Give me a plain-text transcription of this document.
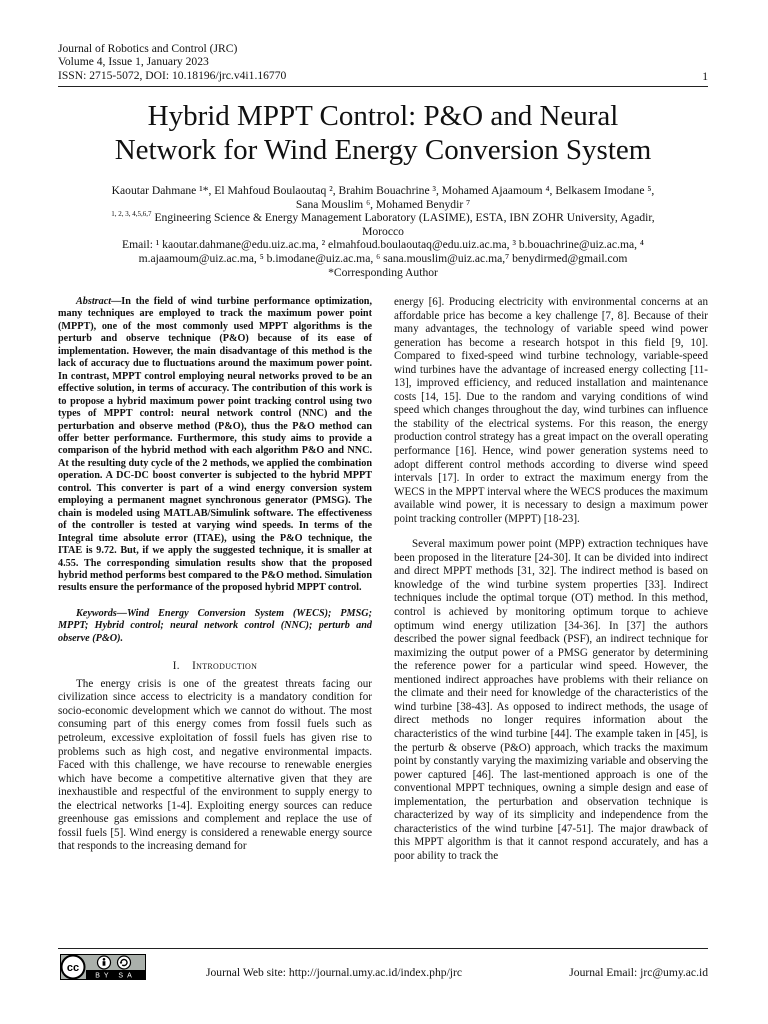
Journal of Robotics and Control (JRC)
Volume 4, Issue 1, January 2023
ISSN: 2715-5072, DOI: 10.18196/jrc.v4i1.16770	1
Hybrid MPPT Control: P&O and Neural
Network for Wind Energy Conversion System
Kaoutar Dahmane ¹*, El Mahfoud Boulaoutaq ², Brahim Bouachrine ³, Mohamed Ajaamoum ⁴, Belkasem Imodane ⁵,
Sana Mouslim ⁶, Mohamed Benydir ⁷
$^{1, 2, 3, 4,5,6,7}$ Engineering Science & Energy Management Laboratory (LASIME), ESTA, IBN ZOHR University, Agadir,
Morocco
Email: ¹ kaoutar.dahmane@edu.uiz.ac.ma, ² elmahfoud.boulaoutaq@edu.uiz.ac.ma, ³ b.bouachrine@uiz.ac.ma, ⁴
m.ajaamoum@uiz.ac.ma, ⁵ b.imodane@uiz.ac.ma, ⁶ sana.mouslim@uiz.ac.ma,⁷ benydirmed@gmail.com
*Corresponding Author

Abstract—In the field of wind turbine performance optimization, many techniques are employed to track the maximum power point (MPPT), one of the most commonly used MPPT algorithms is the perturb and observe technique (P&O) because of its ease of implementation. However, the main disadvantage of this method is the lack of accuracy due to fluctuations around the maximum power point. In contrast, MPPT control employing neural networks proved to be an effective solution, in terms of accuracy. The contribution of this work is to propose a hybrid maximum power point tracking control using two types of MPPT control: neural network control (NNC) and the perturbation and observe method (P&O), thus the P&O method can offer better performance. Furthermore, this study aims to provide a comparison of the hybrid method with each algorithm P&O and NNC. At the resulting duty cycle of the 2 methods, we applied the combination operation. A DC-DC boost converter is subjected to the hybrid MPPT control. This converter is part of a wind energy conversion system employing a permanent magnet synchronous generator (PMSG). The chain is modeled using MATLAB/Simulink software. The effectiveness of the controller is tested at varying wind speeds. In terms of the Integral time absolute error (ITAE), using the P&O technique, the ITAE is 9.72. But, if we apply the suggested technique, it is smaller at 4.55. The corresponding simulation results show that the proposed hybrid method performs best compared to the P&O method. Simulation results ensure the performance of the proposed hybrid MPPT control.

Keywords—Wind Energy Conversion System (WECS); PMSG; MPPT; Hybrid control; neural network control (NNC); perturb and observe (P&O).

I. Introduction

The energy crisis is one of the greatest threats facing our civilization since access to electricity is a mandatory condition for socio-economic development which we cannot do without. The most consuming part of this energy comes from fossil fuels such as petroleum, excessive exploitation of fossil fuels has given rise to problems such as high cost, and negative environmental impacts. Faced with this challenge, we have recourse to renewable energies which have become a competitive alternative given that they are inexhaustible and respectful of the environment to supply energy to the electrical networks [1-4]. Exploiting energy sources can reduce greenhouse gas emissions and complement and replace the use of fossil fuels [5]. Wind energy is considered a renewable energy source that responds to the increasing demand for

energy [6]. Producing electricity with environmental concerns at an affordable price has become a key challenge [7, 8]. Because of their many advantages, the technology of variable speed wind power generation has become a research hotspot in this field [9, 10]. Compared to fixed-speed wind turbine technology, variable-speed wind turbines have the advantage of increased energy collecting [11-13], improved efficiency, and reduced installation and maintenance costs [14, 15]. Due to the random and varying conditions of wind speed which changes throughout the day, wind turbines can influence the stability of the electrical systems. For this reason, the energy production control strategy has a great impact on the overall operating performance [16]. Hence, wind power generation systems need to adopt different control methods according to diverse wind speed intervals [17]. In order to extract the maximum energy from the WECS in the MPPT interval where the WECS produces the maximum available wind power, it is necessary to design a maximum power point tracking controller (MPPT) [18-23].

Several maximum power point (MPP) extraction techniques have been proposed in the literature [24-30]. It can be divided into indirect and direct MPPT methods [31, 32]. The indirect method is based on knowledge of the wind turbine system properties [33]. Indirect techniques include the optimal torque (OT) method. In this method, control is achieved by monitoring optimum torque to achieve optimum wind energy utilization [34-36]. In [37] the authors described the power signal feedback (PSF), an indirect technique for maximizing the output power of a PMSG generator by determining the reference power for a particular wind speed. However, the mentioned indirect approaches have problems with their reliance on the climate and their need for knowledge of the characteristics of the wind turbine [38-43]. As opposed to indirect methods, the usage of direct methods no longer requires information about the characteristics of the wind turbine [44]. The example taken in [45], is the perturb & observe (P&O) approach, which tracks the maximum point by constantly varying the maximizing variable and observing the power captured [46]. The last-mentioned approach is one of the conventional MPPT techniques, owning a simple design and ease of implementation, the perturbation and observation technique is characterized by way of its simplicity and independence from the characteristics of the wind turbine [47-51]. The major drawback of this MPPT algorithm is that it cannot respond accurately, and has a poor ability to track the

cc
BY SA	Journal Web site: http://journal.umy.ac.id/index.php/jrc	Journal Email: jrc@umy.ac.id
